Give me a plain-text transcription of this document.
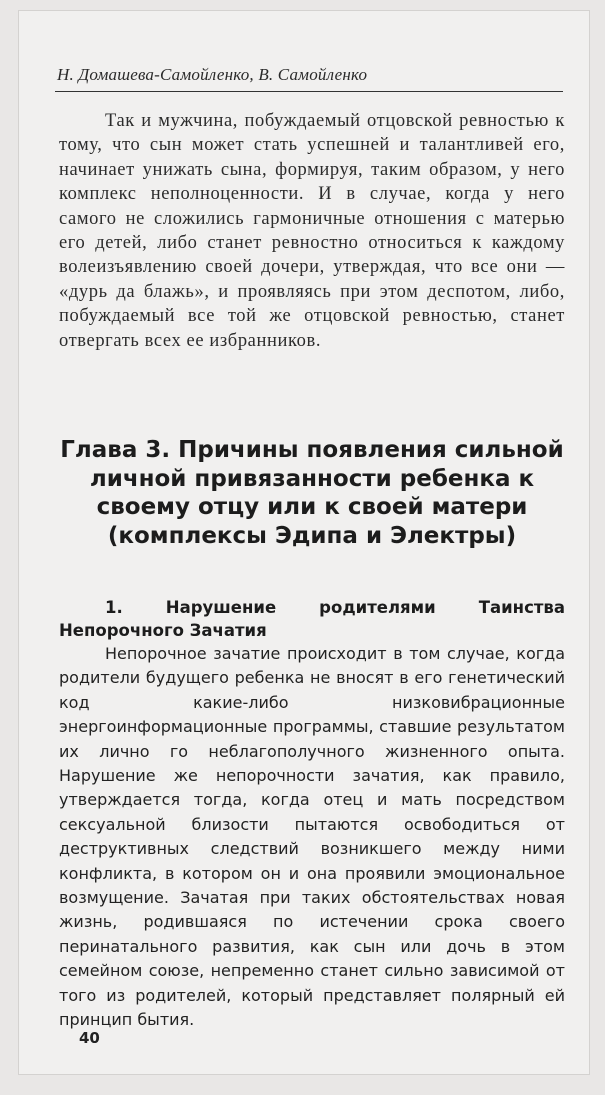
Н. Домашева-Самойленко, В. Самойленко

Так и мужчина, побуждаемый отцовской ревностью к тому, что сын может стать успешней и талантливей его, начинает унижать сына, формируя, таким образом, у него комплекс неполноценности. И в случае, когда у него самого не сложились гармоничные отношения с матерью его детей, либо станет ревностно относиться к каждому волеизъявлению своей дочери, утверждая, что все они — «дурь да блажь», и проявляясь при этом деспотом, либо, побуждаемый все той же отцовской ревностью, станет отвергать всех ее избранников.

Глава 3. Причины появления сильной личной привязанности ребенка к своему отцу или к своей матери (комплексы Эдипа и Электры)
1. Нарушение родителями Таинства Непорочного Зачатия

Непорочное зачатие происходит в том случае, когда родители будущего ребенка не вносят в его генетический код какие-либо низковибрационные энергоинформационные программы, ставшие результатом их лично го неблагополучного жизненного опыта. Нарушение же непорочности зачатия, как правило, утверждается тогда, когда отец и мать посредством сексуальной близости пытаются освободиться от деструктивных следствий возникшего между ними конфликта, в котором он и она проявили эмоциональное возмущение. Зачатая при таких обстоятельствах новая жизнь, родившаяся по истечении срока своего перинатального развития, как сын или дочь в этом семейном союзе, непременно станет сильно зависимой от того из родителей, который представляет полярный ей принцип бытия.

40
